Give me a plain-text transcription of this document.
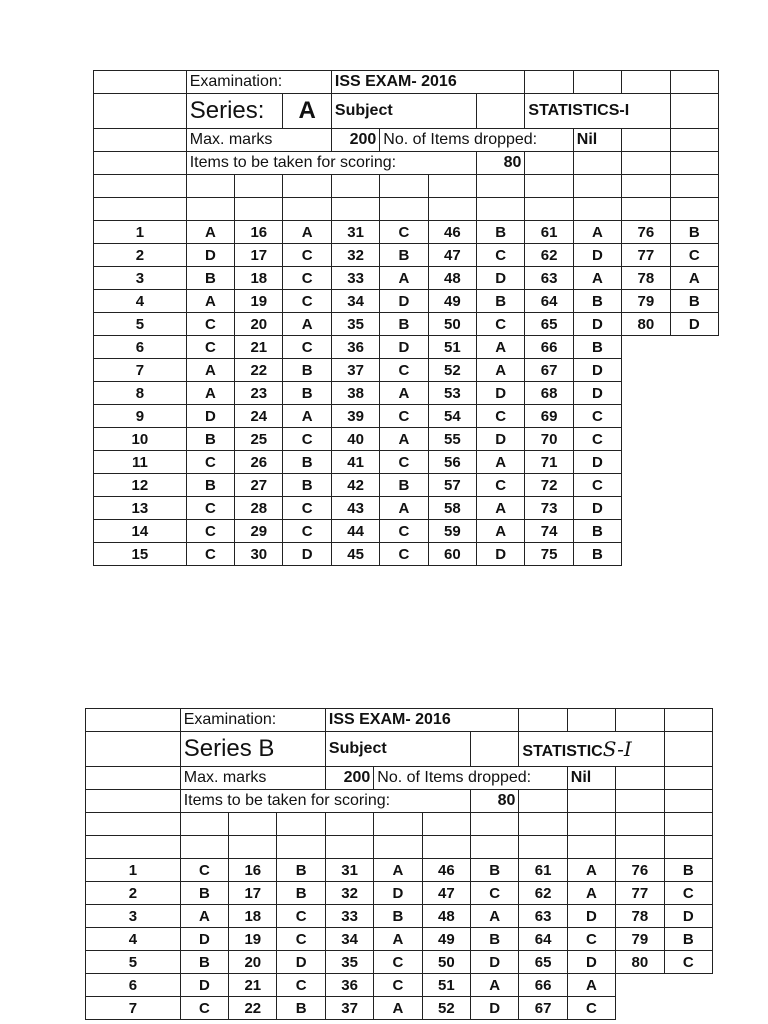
	Examination:			ISS EXAM- 2016							
	Series:		A	Subject				STATISTICS-I			
	Max. marks			200	No. of Items dropped:				Nil		
	Items to be taken for scoring:						80				

1	A	16	A	31	C	46	B	61	A	76	B
2	D	17	C	32	B	47	C	62	D	77	C
3	B	18	C	33	A	48	D	63	A	78	A
4	A	19	C	34	D	49	B	64	B	79	B
5	C	20	A	35	B	50	C	65	D	80	D
6	C	21	C	36	D	51	A	66	B		
7	A	22	B	37	C	52	A	67	D		
8	A	23	B	38	A	53	D	68	D		
9	D	24	A	39	C	54	C	69	C		
10	B	25	C	40	A	55	D	70	C		
11	C	26	B	41	C	56	A	71	D		
12	B	27	B	42	B	57	C	72	C		
13	C	28	C	43	A	58	A	73	D		
14	C	29	C	44	C	59	A	74	B		
15	C	30	D	45	C	60	D	75	B		
	Examination:			ISS EXAM- 2016							
	Series B			Subject				STATISTICS-I			
	Max. marks			200	No. of Items dropped:				Nil		
	Items to be taken for scoring:						80				

1	C	16	B	31	A	46	B	61	A	76	B
2	B	17	B	32	D	47	C	62	A	77	C
3	A	18	C	33	B	48	A	63	D	78	D
4	D	19	C	34	A	49	B	64	C	79	B
5	B	20	D	35	C	50	D	65	D	80	C
6	D	21	C	36	C	51	A	66	A		
7	C	22	B	37	A	52	D	67	C		
